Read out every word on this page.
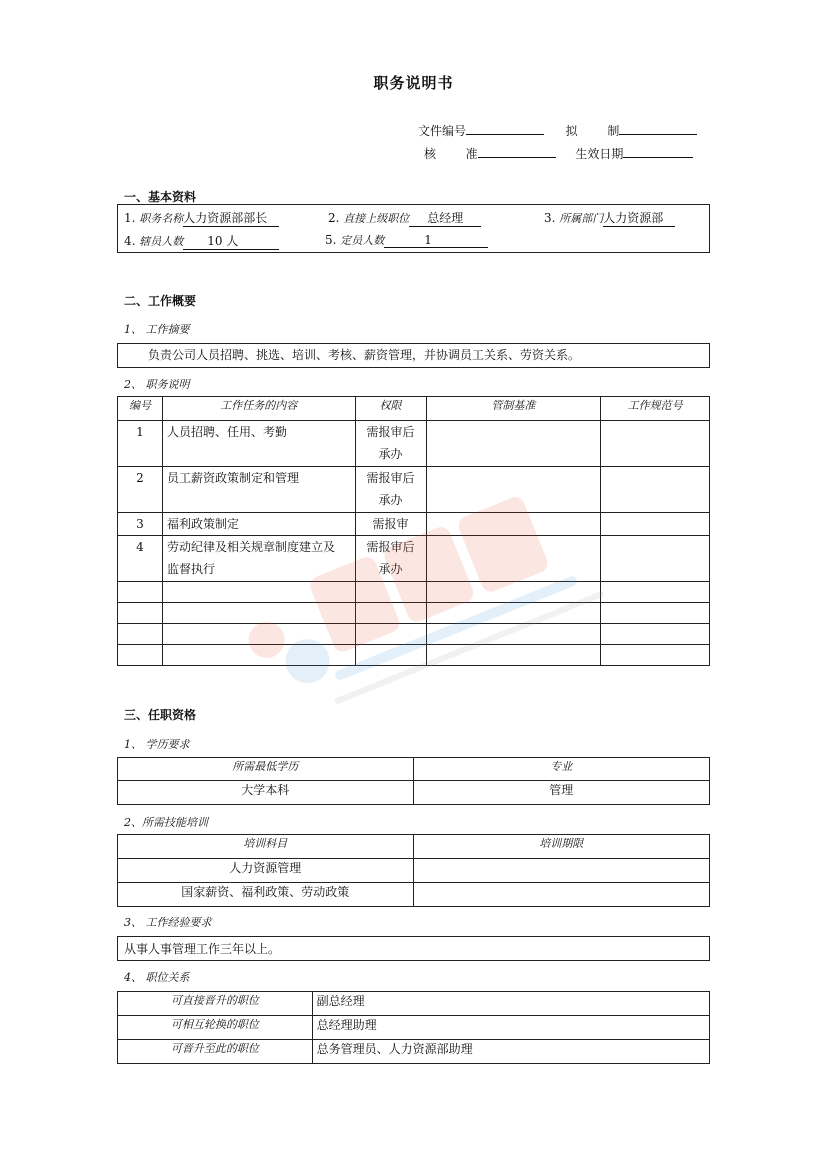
职务说明书
文件编号	拟 制
核 准	生效日期
一、基本资料
1. 职务名称人力资源部部长	2. 直接上级职位 总经理	3. 所属部门人力资源部
4. 辖员人数 10 人	5. 定员人数	1
二、工作概要
1、 工作摘要
负责公司人员招聘、挑选、培训、考核、薪资管理，并协调员工关系、劳资关系。
2、 职务说明
编号	工作任务的内容	权限	管制基准	工作规范号
1	人员招聘、任用、考勤	需报审后承办		
2	员工薪资政策制定和管理	需报审后承办		
3	福利政策制定	需报审		
4	劳动纪律及相关规章制度建立及监督执行	需报审后承办		

三、任职资格
1、 学历要求
所需最低学历	专业
大学本科	管理
2、所需技能培训
培训科目	培训期限
人力资源管理	
国家薪资、福利政策、劳动政策	
3、 工作经验要求
从事人事管理工作三年以上。
4、 职位关系
可直接晋升的职位	副总经理
可相互轮换的职位	总经理助理
可晋升至此的职位	总务管理员、人力资源部助理
